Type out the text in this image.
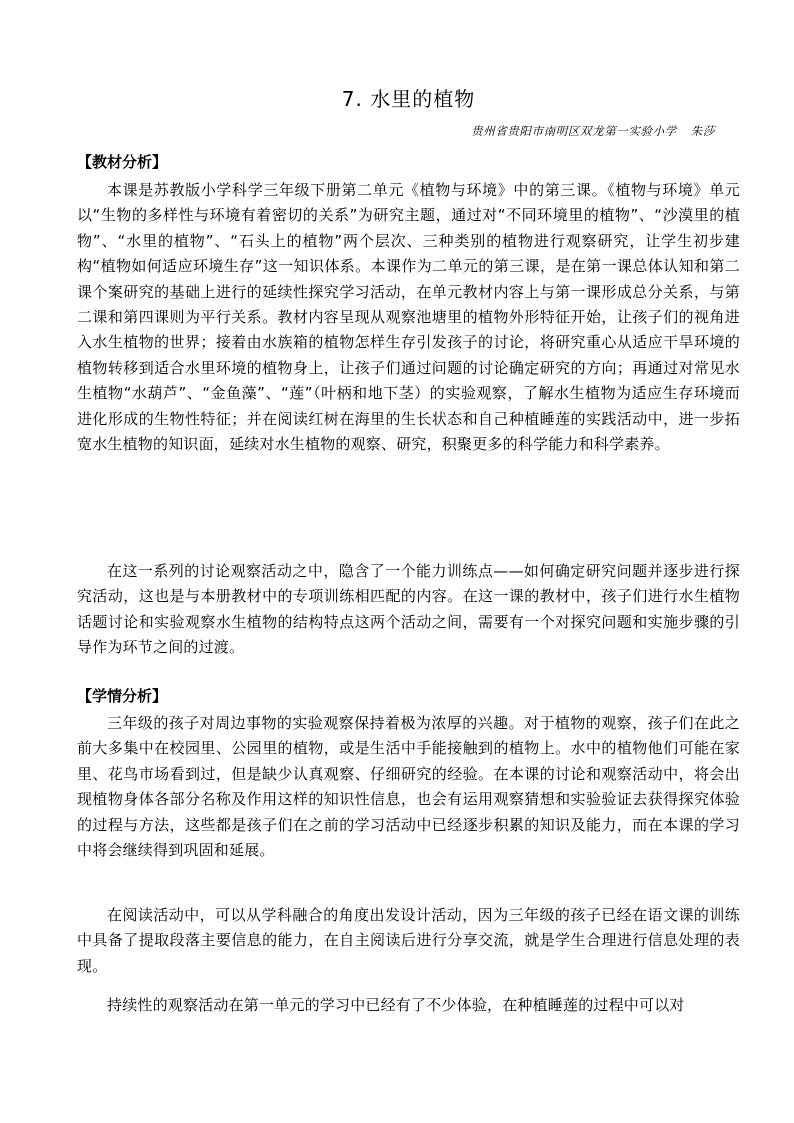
7. 水里的植物
贵州省贵阳市南明区双龙第一实验小学 朱莎
【教材分析】

本课是苏教版小学科学三年级下册第二单元《植物与环境》中的第三课。《植物与环境》单元以“生物的多样性与环境有着密切的关系”为研究主题，通过对“不同环境里的植物”、“沙漠里的植物”、“水里的植物”、“石头上的植物”两个层次、三种类别的植物进行观察研究，让学生初步建构“植物如何适应环境生存”这一知识体系。本课作为二单元的第三课，是在第一课总体认知和第二课个案研究的基础上进行的延续性探究学习活动，在单元教材内容上与第一课形成总分关系，与第二课和第四课则为平行关系。教材内容呈现从观察池塘里的植物外形特征开始，让孩子们的视角进入水生植物的世界；接着由水族箱的植物怎样生存引发孩子的讨论，将研究重心从适应干旱环境的植物转移到适合水里环境的植物身上，让孩子们通过问题的讨论确定研究的方向；再通过对常见水生植物“水葫芦”、“金鱼藻”、“莲”（叶柄和地下茎）的实验观察，了解水生植物为适应生存环境而进化形成的生物性特征；并在阅读红树在海里的生长状态和自己种植睡莲的实践活动中，进一步拓宽水生植物的知识面，延续对水生植物的观察、研究，积聚更多的科学能力和科学素养。

在这一系列的讨论观察活动之中，隐含了一个能力训练点——如何确定研究问题并逐步进行探究活动，这也是与本册教材中的专项训练相匹配的内容。在这一课的教材中，孩子们进行水生植物话题讨论和实验观察水生植物的结构特点这两个活动之间，需要有一个对探究问题和实施步骤的引导作为环节之间的过渡。

【学情分析】

三年级的孩子对周边事物的实验观察保持着极为浓厚的兴趣。对于植物的观察，孩子们在此之前大多集中在校园里、公园里的植物，或是生活中手能接触到的植物上。水中的植物他们可能在家里、花鸟市场看到过，但是缺少认真观察、仔细研究的经验。在本课的讨论和观察活动中，将会出现植物身体各部分名称及作用这样的知识性信息，也会有运用观察猜想和实验验证去获得探究体验的过程与方法，这些都是孩子们在之前的学习活动中已经逐步积累的知识及能力，而在本课的学习中将会继续得到巩固和延展。

在阅读活动中，可以从学科融合的角度出发设计活动，因为三年级的孩子已经在语文课的训练中具备了提取段落主要信息的能力，在自主阅读后进行分享交流，就是学生合理进行信息处理的表现。

持续性的观察活动在第一单元的学习中已经有了不少体验，在种植睡莲的过程中可以对
